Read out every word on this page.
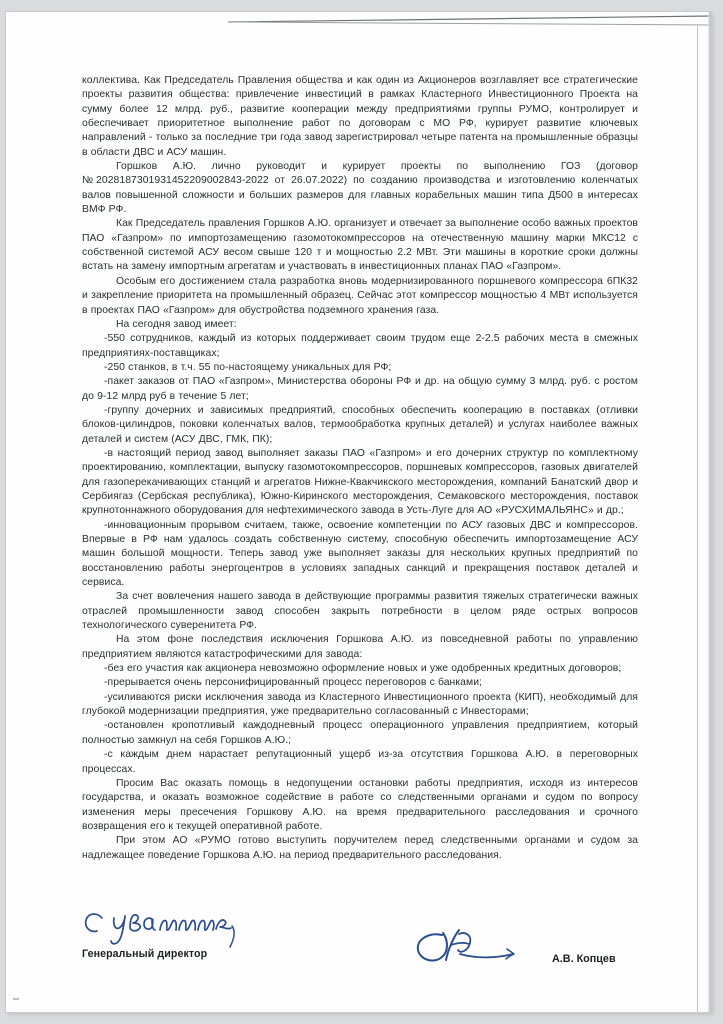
коллектива. Как Председатель Правления общества и как один из Акционеров возглавляет все стратегические проекты развития общества: привлечение инвестиций в рамках Кластерного Инвестиционного Проекта на сумму более 12 млрд. руб., развитие кооперации между предприятиями группы РУМО, контролирует и обеспечивает приоритетное выполнение работ по договорам с МО РФ, курирует развитие ключевых направлений - только за последние три года завод зарегистрировал четыре патента на промышленные образцы в области ДВС и АСУ машин.

Горшков А.Ю. лично руководит и курирует проекты по выполнению ГОЗ (договор №2028187301931452209002843-2022 от 26.07.2022) по созданию производства и изготовлению коленчатых валов повышенной сложности и больших размеров для главных корабельных машин типа Д500 в интересах ВМФ РФ.

Как Председатель правления Горшков А.Ю. организует и отвечает за выполнение особо важных проектов ПАО «Газпром» по импортозамещению газомотокомпрессоров на отечественную машину марки МКС12 с собственной системой АСУ весом свыше 120 т и мощностью 2.2 МВт. Эти машины в короткие сроки должны встать на замену импортным агрегатам и участвовать в инвестиционных планах ПАО «Газпром».

Особым его достижением стала разработка вновь модернизированного поршневого компрессора 6ПК32 и закрепление приоритета на промышленный образец. Сейчас этот компрессор мощностью 4 МВт используется в проектах ПАО «Газпром» для обустройства подземного хранения газа.

На сегодня завод имеет:

-550 сотрудников, каждый из которых поддерживает своим трудом еще 2-2.5 рабочих места в смежных предприятиях-поставщиках;

-250 станков, в т.ч. 55 по-настоящему уникальных для РФ;

-пакет заказов от ПАО «Газпром», Министерства обороны РФ и др. на общую сумму 3 млрд. руб. с ростом до 9-12 млрд руб в течение 5 лет;

-группу дочерних и зависимых предприятий, способных обеспечить кооперацию в поставках (отливки блоков-цилиндров, поковки коленчатых валов, термообработка крупных деталей) и услугах наиболее важных деталей и систем (АСУ ДВС, ГМК, ПК);

-в настоящий период завод выполняет заказы ПАО «Газпром» и его дочерних структур по комплектному проектированию, комплектации, выпуску газомотокомпрессоров, поршневых компрессоров, газовых двигателей для газоперекачивающих станций и агрегатов Нижне-Квакчикского месторождения, компаний Банатский двор и Сербиягаз (Сербская республика), Южно-Киринского месторождения, Семаковского месторождения, поставок крупнотоннажного оборудования для нефтехимического завода в Усть-Луге для АО «РУСХИМАЛЬЯНС» и др.;

-инновационным прорывом считаем, также, освоение компетенции по АСУ газовых ДВС и компрессоров. Впервые в РФ нам удалось создать собственную систему, способную обеспечить импортозамещение АСУ машин большой мощности. Теперь завод уже выполняет заказы для нескольких крупных предприятий по восстановлению работы энергоцентров в условиях западных санкций и прекращения поставок деталей и сервиса.

За счет вовлечения нашего завода в действующие программы развития тяжелых стратегически важных отраслей промышленности завод способен закрыть потребности в целом ряде острых вопросов технологического суверенитета РФ.

На этом фоне последствия исключения Горшкова А.Ю. из повседневной работы по управлению предприятием являются катастрофическими для завода:

-без его участия как акционера невозможно оформление новых и уже одобренных кредитных договоров;

-прерывается очень персонифицированный процесс переговоров с банками;

-усиливаются риски исключения завода из Кластерного Инвестиционного проекта (КИП), необходимый для глубокой модернизации предприятия, уже предварительно согласованный с Инвесторами;

-остановлен кропотливый каждодневный процесс операционного управления предприятием, который полностью замкнул на себя Горшков А.Ю.;

-с каждым днем нарастает репутационный ущерб из-за отсутствия Горшкова А.Ю. в переговорных процессах.

Просим Вас оказать помощь в недопущении остановки работы предприятия, исходя из интересов государства, и оказать возможное содействие в работе со следственными органами и судом по вопросу изменения меры пресечения Горшкову А.Ю. на время предварительного расследования и срочного возвращения его к текущей оперативной работе.

При этом АО «РУМО готово выступить поручителем перед следственными органами и судом за надлежащее поведение Горшкова А.Ю. на период предварительного расследования.

Генеральный директор	А.В. Копцев
